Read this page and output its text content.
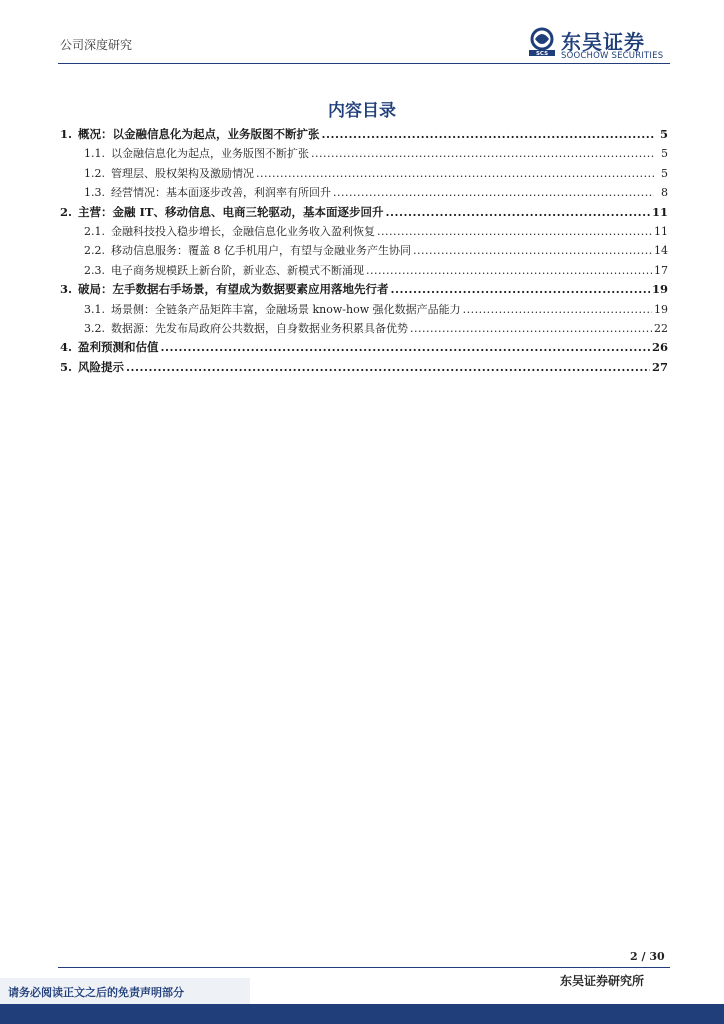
公司深度研究
SCS 东吴证券
SOOCHOW SECURITIES
内容目录
1. 概况：以金融信息化为起点，业务版图不断扩张 .....	5
1.1. 以金融信息化为起点，业务版图不断扩张 .....	5
1.2. 管理层、股权架构及激励情况 .....	5
1.3. 经营情况：基本面逐步改善，利润率有所回升 .....	8
2. 主营：金融 IT、移动信息、电商三轮驱动，基本面逐步回升 .....	11
2.1. 金融科技投入稳步增长，金融信息化业务收入盈利恢复 .....	11
2.2. 移动信息服务：覆盖 8 亿手机用户，有望与金融业务产生协同 .....	14
2.3. 电子商务规模跃上新台阶，新业态、新模式不断涌现 .....	17
3. 破局：左手数据右手场景，有望成为数据要素应用落地先行者 .....	19
3.1. 场景侧：全链条产品矩阵丰富，金融场景 know-how 强化数据产品能力 .....	19
3.2. 数据源：先发布局政府公共数据，自身数据业务积累具备优势 .....	22
4. 盈利预测和估值 .....	26
5. 风险提示 .....	27
2 / 30
请务必阅读正文之后的免责声明部分
东吴证券研究所
